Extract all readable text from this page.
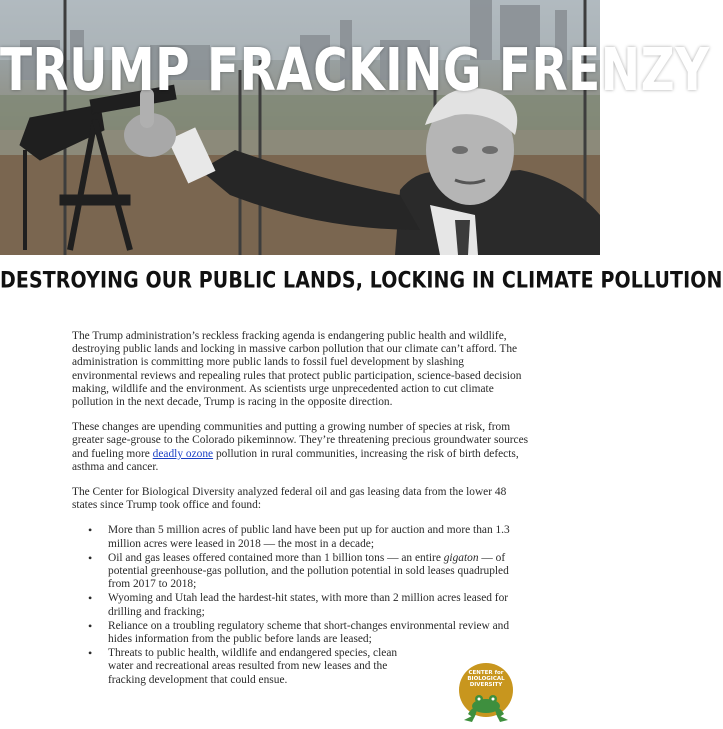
TRUMP FRACKING FRENZY
DESTROYING OUR PUBLIC LANDS, LOCKING IN CLIMATE POLLUTION

The Trump administration’s reckless fracking agenda is endangering public health and wildlife, destroying public lands and locking in massive carbon pollution that our climate can’t afford. The administration is committing more public lands to fossil fuel development by slashing environmental reviews and repealing rules that protect public participation, science-based decision making, wildlife and the environment. As scientists urge unprecedented action to cut climate pollution in the next decade, Trump is racing in the opposite direction.

These changes are upending communities and putting a growing number of species at risk, from greater sage-grouse to the Colorado pikeminnow. They’re threatening precious groundwater sources and fueling more deadly ozone pollution in rural communities, increasing the risk of birth defects, asthma and cancer.

The Center for Biological Diversity analyzed federal oil and gas leasing data from the lower 48 states since Trump took office and found:

• More than 5 million acres of public land have been put up for auction and more than 1.3 million acres were leased in 2018 — the most in a decade;
• Oil and gas leases offered contained more than 1 billion tons — an entire gigaton — of potential greenhouse-gas pollution, and the pollution potential in sold leases quadrupled from 2017 to 2018;
• Wyoming and Utah lead the hardest-hit states, with more than 2 million acres leased for drilling and fracking;
• Reliance on a troubling regulatory scheme that short-changes environmental review and hides information from the public before lands are leased;
• Threats to public health, wildlife and endangered species, clean water and recreational areas resulted from new leases and the fracking development that could ensue.
CENTER for
BIOLOGICAL
DIVERSITY
